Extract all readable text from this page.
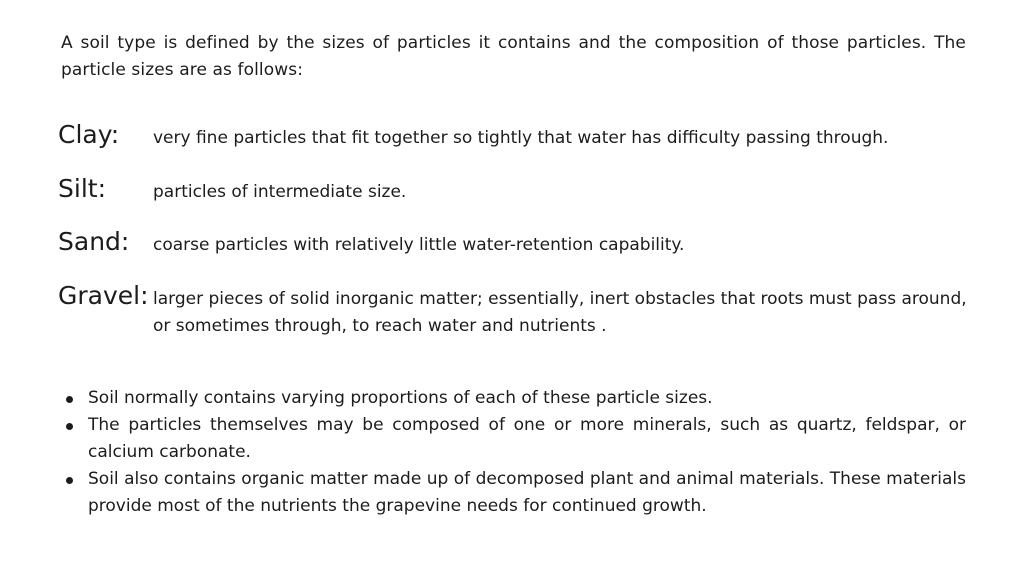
A soil type is defined by the sizes of particles it contains and the composition of those particles. The particle sizes are as follows:

Clay: very fine particles that fit together so tightly that water has difficulty passing through.
Silt:	particles of intermediate size.
Sand: coarse particles with relatively little water-retention capability.
Gravel: larger pieces of solid inorganic matter; essentially, inert obstacles that roots must pass around, or sometimes through, to reach water and nutrients .
Soil normally contains varying proportions of each of these particle sizes.
The particles themselves may be composed of one or more minerals, such as quartz, feldspar, or calcium carbonate.
Soil also contains organic matter made up of decomposed plant and animal materials. These materials provide most of the nutrients the grapevine needs for continued growth.
